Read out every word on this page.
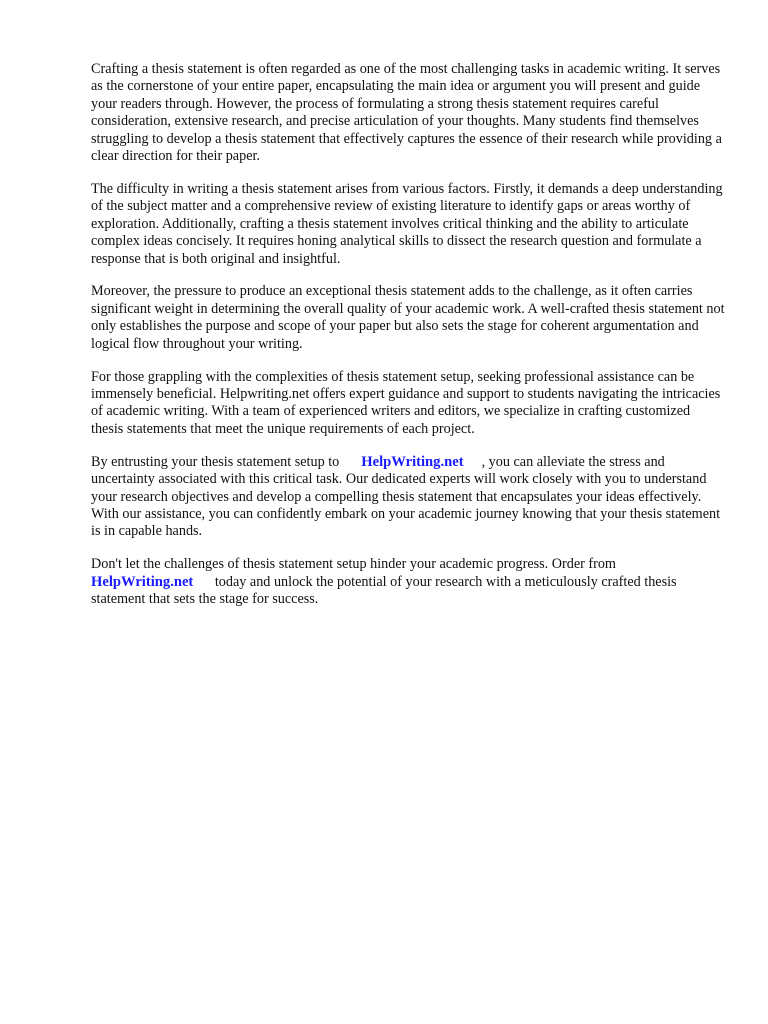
Crafting a thesis statement is often regarded as one of the most challenging tasks in academic writing. It serves as the cornerstone of your entire paper, encapsulating the main idea or argument you will present and guide your readers through. However, the process of formulating a strong thesis statement requires careful consideration, extensive research, and precise articulation of your thoughts. Many students find themselves struggling to develop a thesis statement that effectively captures the essence of their research while providing a clear direction for their paper.

The difficulty in writing a thesis statement arises from various factors. Firstly, it demands a deep understanding of the subject matter and a comprehensive review of existing literature to identify gaps or areas worthy of exploration. Additionally, crafting a thesis statement involves critical thinking and the ability to articulate complex ideas concisely. It requires honing analytical skills to dissect the research question and formulate a response that is both original and insightful.

Moreover, the pressure to produce an exceptional thesis statement adds to the challenge, as it often carries significant weight in determining the overall quality of your academic work. A well-crafted thesis statement not only establishes the purpose and scope of your paper but also sets the stage for coherent argumentation and logical flow throughout your writing.

For those grappling with the complexities of thesis statement setup, seeking professional assistance can be immensely beneficial. Helpwriting.net offers expert guidance and support to students navigating the intricacies of academic writing. With a team of experienced writers and editors, we specialize in crafting customized thesis statements that meet the unique requirements of each project.

By entrusting your thesis statement setup to HelpWriting.net , you can alleviate the stress and uncertainty associated with this critical task. Our dedicated experts will work closely with you to understand your research objectives and develop a compelling thesis statement that encapsulates your ideas effectively. With our assistance, you can confidently embark on your academic journey knowing that your thesis statement is in capable hands.

Don't let the challenges of thesis statement setup hinder your academic progress. Order from HelpWriting.net today and unlock the potential of your research with a meticulously crafted thesis statement that sets the stage for success.
